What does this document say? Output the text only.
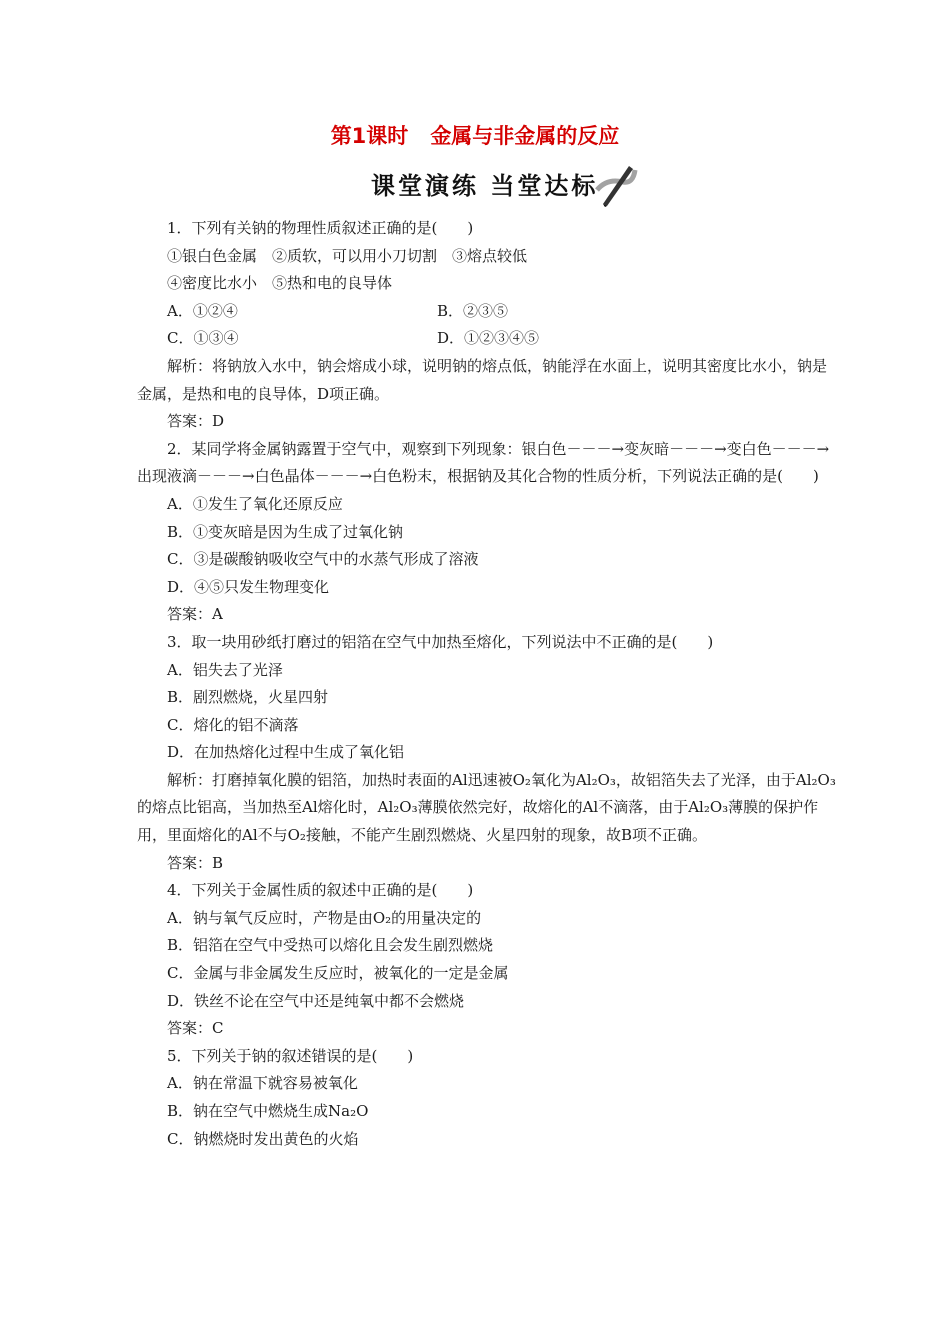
第1课时 金属与非金属的反应
课堂演练 当堂达标

1．下列有关钠的物理性质叙述正确的是(　　)

①银白色金属　②质软，可以用小刀切割　③熔点较低

④密度比水小　⑤热和电的良导体

A．①②④	B．②③⑤
C．①③④	D．①②③④⑤

解析：将钠放入水中，钠会熔成小球，说明钠的熔点低，钠能浮在水面上，说明其密度比水小，钠是金属，是热和电的良导体，D项正确。

答案：D

2．某同学将金属钠露置于空气中，观察到下列现象：银白色－－－→变灰暗－－－→变白色－－－→出现液滴－－－→白色晶体－－－→白色粉末，根据钠及其化合物的性质分析，下列说法正确的是(　　)

A．①发生了氧化还原反应

B．①变灰暗是因为生成了过氧化钠

C．③是碳酸钠吸收空气中的水蒸气形成了溶液

D．④⑤只发生物理变化

答案：A

3．取一块用砂纸打磨过的铝箔在空气中加热至熔化，下列说法中不正确的是(　　)

A．铝失去了光泽

B．剧烈燃烧，火星四射

C．熔化的铝不滴落

D．在加热熔化过程中生成了氧化铝

解析：打磨掉氧化膜的铝箔，加热时表面的Al迅速被O₂氧化为Al₂O₃，故铝箔失去了光泽，由于Al₂O₃的熔点比铝高，当加热至Al熔化时，Al₂O₃薄膜依然完好，故熔化的Al不滴落，由于Al₂O₃薄膜的保护作用，里面熔化的Al不与O₂接触，不能产生剧烈燃烧、火星四射的现象，故B项不正确。

答案：B

4．下列关于金属性质的叙述中正确的是(　　)

A．钠与氧气反应时，产物是由O₂的用量决定的

B．铝箔在空气中受热可以熔化且会发生剧烈燃烧

C．金属与非金属发生反应时，被氧化的一定是金属

D．铁丝不论在空气中还是纯氧中都不会燃烧

答案：C

5．下列关于钠的叙述错误的是(　　)

A．钠在常温下就容易被氧化

B．钠在空气中燃烧生成Na₂O

C．钠燃烧时发出黄色的火焰
